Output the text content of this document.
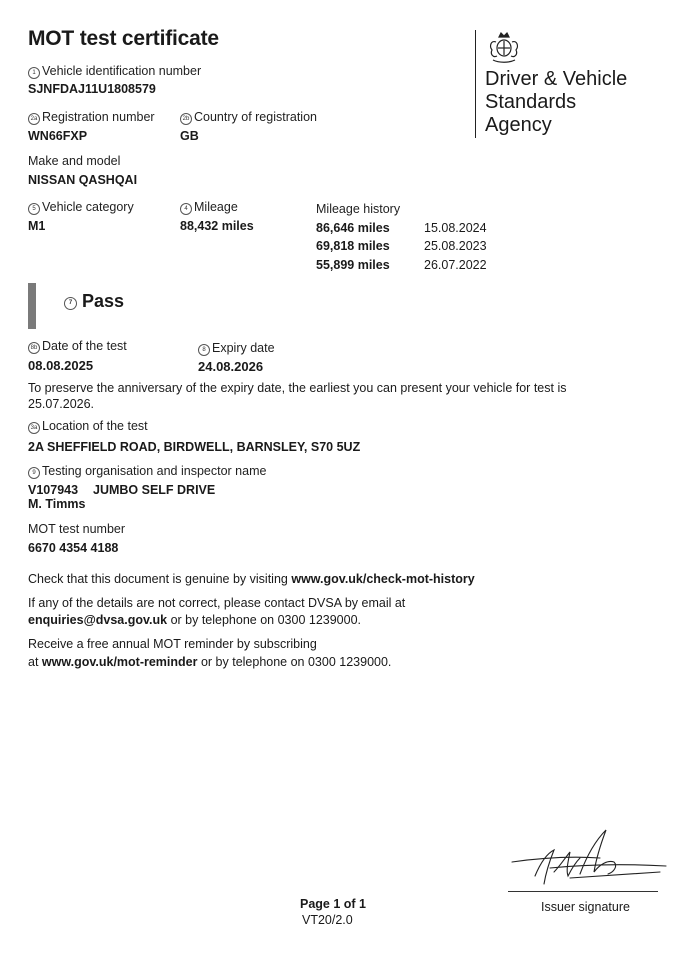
MOT test certificate
Driver & Vehicle
Standards
Agency
1 Vehicle identification number
SJNFDAJ11U1808579
2a Registration number
WN66FXP
2b Country of registration
GB
Make and model
NISSAN QASHQAI
5 Vehicle category
M1
4 Mileage
88,432 miles
Mileage history
86,646 miles	15.08.2024
69,818 miles	25.08.2023
55,899 miles	26.07.2022
7 Pass
8b Date of the test
08.08.2025
8 Expiry date
24.08.2026
To preserve the anniversary of the expiry date, the earliest you can present your vehicle for test is
25.07.2026.
3a Location of the test
2A SHEFFIELD ROAD, BIRDWELL, BARNSLEY, S70 5UZ
9 Testing organisation and inspector name
V107943 JUMBO SELF DRIVE
M. Timms
MOT test number
6670 4354 4188
Check that this document is genuine by visiting www.gov.uk/check-mot-history
If any of the details are not correct, please contact DVSA by email at
enquiries@dvsa.gov.uk or by telephone on 0300 1239000.
Receive a free annual MOT reminder by subscribing
at www.gov.uk/mot-reminder or by telephone on 0300 1239000.
Issuer signature
Page 1 of 1
VT20/2.0
